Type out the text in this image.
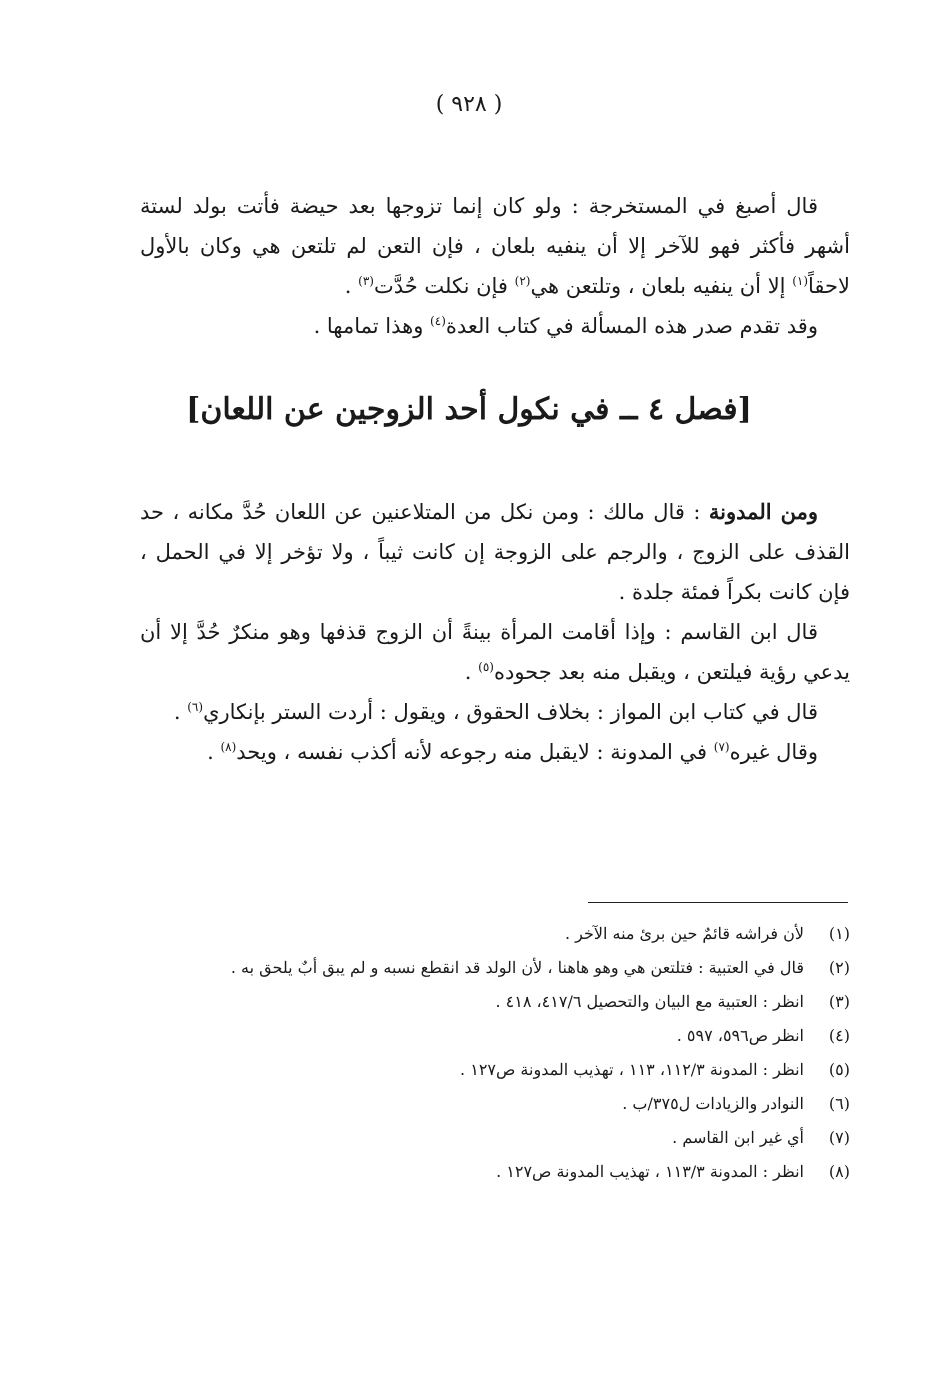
( ٩٢٨ )

قال أصبغ في المستخرجة : ولو كان إنما تزوجها بعد حيضة فأتت بولد لستة أشهر فأكثر فهو للآخر إلا أن ينفيه بلعان ، فإن التعن لم تلتعن هي وكان بالأول لاحقاً$^{(١)}$ إلا أن ينفيه بلعان ، وتلتعن هي$^{(٢)}$ فإن نكلت حُدَّت$^{(٣)}$ .

وقد تقدم صدر هذه المسألة في كتاب العدة$^{(٤)}$ وهذا تمامها .

[فصل ٤ ــ في نكول أحد الزوجين عن اللعان]

ومن المدونة : قال مالك : ومن نكل من المتلاعنين عن اللعان حُدَّ مكانه ، حد القذف على الزوج ، والرجم على الزوجة إن كانت ثيباً ، ولا تؤخر إلا في الحمل ، فإن كانت بكراً فمئة جلدة .

قال ابن القاسم : وإذا أقامت المرأة بينةً أن الزوج قذفها وهو منكرٌ حُدَّ إلا أن يدعي رؤية فيلتعن ، ويقبل منه بعد جحوده$^{(٥)}$ .

قال في كتاب ابن المواز : بخلاف الحقوق ، ويقول : أردت الستر بإنكاري$^{(٦)}$ .

وقال غيره$^{(٧)}$ في المدونة : لايقبل منه رجوعه لأنه أكذب نفسه ، ويحد$^{(٨)}$ .

(١)
لأن فراشه قائمٌ حين برئ منه الآخر .
(٢)
قال في العتبية : فتلتعن هي وهو هاهنا ، لأن الولد قد انقطع نسبه و لم يبق أبٌ يلحق به .
(٣)
انظر : العتبية مع البيان والتحصيل ٤١٧/٦، ٤١٨ .
(٤)
انظر ص٥٩٦، ٥٩٧ .
(٥)
انظر : المدونة ١١٢/٣، ١١٣ ، تهذيب المدونة ص١٢٧ .
(٦)
النوادر والزيادات ل٣٧٥/ب .
(٧)
أي غير ابن القاسم .
(٨)
انظر : المدونة ١١٣/٣ ، تهذيب المدونة ص١٢٧ .
